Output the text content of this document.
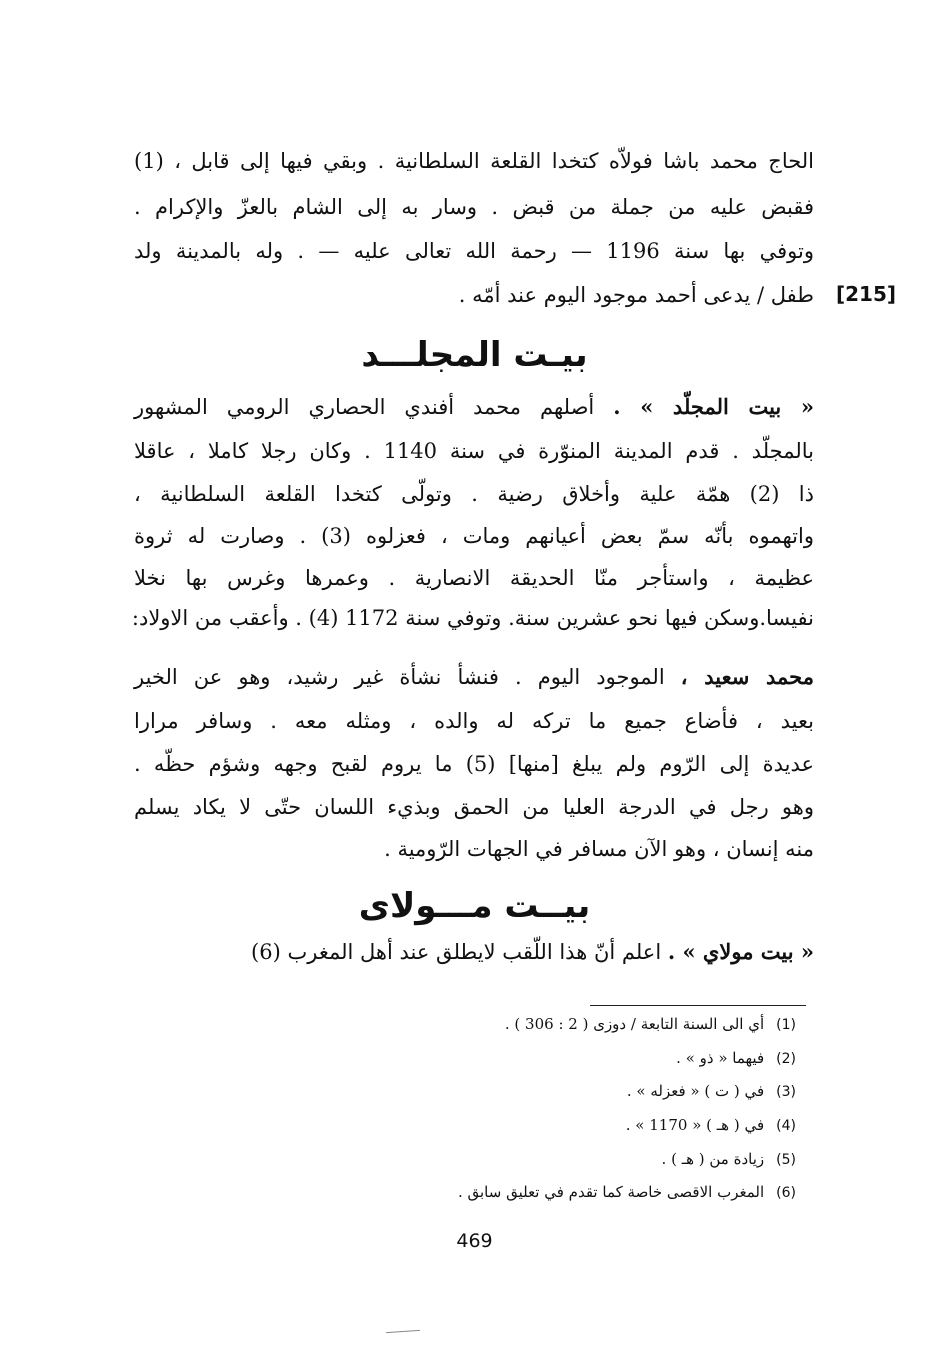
الحاج محمد باشا فولاّه كتخدا القلعة السلطانية . وبقي فيها إلى قابل ، (1)
فقبض عليه من جملة من قبض . وسار به إلى الشام بالعزّ والإكرام .
وتوفي بها سنة 1196 — رحمة الله تعالى عليه — . وله بالمدينة ولد
طفل / يدعى أحمد موجود اليوم عند أمّه . [215]
بيـت المجلـــد
« بيت المجلّد » . أصلهم محمد أفندي الحصاري الرومي المشهور
بالمجلّد . قدم المدينة المنوّرة في سنة 1140 . وكان رجلا كاملا ، عاقلا
ذا (2) همّة علية وأخلاق رضية . وتولّى كتخدا القلعة السلطانية ،
واتهموه بأنّه سمّ بعض أعيانهم ومات ، فعزلوه (3) . وصارت له ثروة
عظيمة ، واستأجر منّا الحديقة الانصارية . وعمرها وغرس بها نخلا
نفيسا.وسكن فيها نحو عشرين سنة. وتوفي سنة 1172 (4) . وأعقب من الاولاد:
محمد سعيد ، الموجود اليوم . فنشأ نشأة غير رشيد، وهو عن الخير
بعيد ، فأضاع جميع ما تركه له والده ، ومثله معه . وسافر مرارا
عديدة إلى الرّوم ولم يبلغ [منها] (5) ما يروم لقبح وجهه وشؤم حظّه .
وهو رجل في الدرجة العليا من الحمق وبذيء اللسان حتّى لا يكاد يسلم
منه إنسان ، وهو الآن مسافر في الجهات الرّومية .
بيــت مـــولاى
« بيت مولاي » . اعلم أنّ هذا اللّقب لايطلق عند أهل المغرب (6)
(1)أي الى السنة التابعة / دوزى ( 2 : 306 ) .
(2)فيهما « ذو » .
(3)في ( ت ) « فعزله » .
(4)في ( هـ ) « 1170 » .
(5)زيادة من ( هـ ) .
(6)المغرب الاقصى خاصة كما تقدم في تعليق سابق .
469
